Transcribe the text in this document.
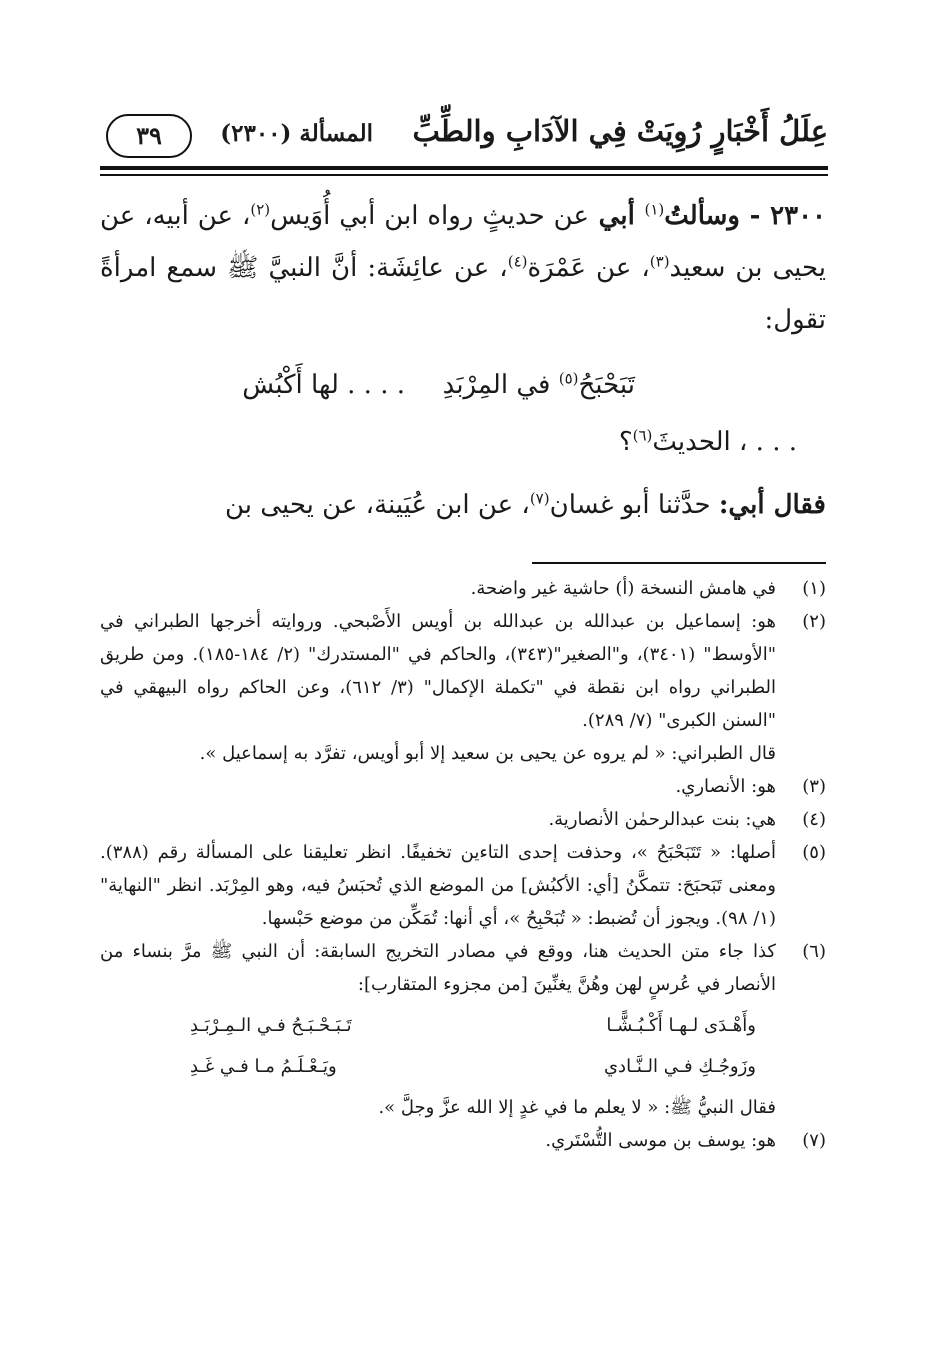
عِلَلُ أَخْبَارٍ رُوِيَتْ فِي الآدَابِ والطِّبِّ
المسألة (٢٣٠٠)
٣٩

٢٣٠٠ - وسألتُ$^{(١)}$ أبي عن حديثٍ رواه ابن أبي أُوَيس$^{(٢)}$، عن أبيه، عن يحيى بن سعيد$^{(٣)}$، عن عَمْرَة$^{(٤)}$، عن عائِشَة: أنَّ النبيَّ ﷺ سمع امرأةً تقول:

. . . . لها أَكْبُش	تَبَحْبَحُ$^{(٥)}$ في المِرْبَدِ
. . . ، الحديثَ$^{(٦)}$؟
فقال أبي: حدَّثنا أبو غسان$^{(٧)}$، عن ابن عُيَينة، عن يحيى بن

(١)
في هامش النسخة (أ) حاشية غير واضحة.

(٢)
هو: إسماعيل بن عبدالله بن عبدالله بن أويس الأَصْبحي. وروايته أخرجها الطبراني في "الأوسط" (٣٤٠١)، و"الصغير"(٣٤٣)، والحاكم في "المستدرك" (٢/ ١٨٤-١٨٥). ومن طريق الطبراني رواه ابن نقطة في "تكملة الإكمال" (٣/ ٦١٢)، وعن الحاكم رواه البيهقي في "السنن الكبرى" (٧/ ٢٨٩).

قال الطبراني: « لم يروه عن يحيى بن سعيد إلا أبو أويس، تفرَّد به إسماعيل ».

(٣)
هو: الأنصاري.

(٤)
هي: بنت عبدالرحمٰن الأنصارية.

(٥)
أصلها: « تَتَبَحْبَحُ »، وحذفت إحدى التاءين تخفيفًا. انظر تعليقنا على المسألة رقم (٣٨٨). ومعنى تَبَحبَحَ: تتمكَّنُ [أي: الأكبُش] من الموضع الذي تُحبَسُ فيه، وهو المِرْبَد. انظر "النهاية" (١/ ٩٨). ويجوز أن تُضبط: « تُبَحْبِحُ »، أي أنها: تُمَكِّن من موضع حَبْسها.

(٦)
كذا جاء متن الحديث هنا، ووقع في مصادر التخريج السابقة: أن النبي ﷺ مرَّ بنساء من الأنصار في عُرسٍ لهن وهُنَّ يغنِّينَ [من مجزوء المتقارب]:

وأَهْـدَى لـهـا أَكْـبُـشًّـا
تَـبَـحْـبَـحُ فـي الـمِـرْبَـدِ
وزَوجُـكِ فـي الـنَّـادي
ويَـعْـلَـمُ مـا فـي غَـدِ

فقال النبيُّ ﷺ: « لا يعلم ما في غدٍ إلا الله عزَّ وجلَّ ».

(٧)
هو: يوسف بن موسى التُّسْتَري.
